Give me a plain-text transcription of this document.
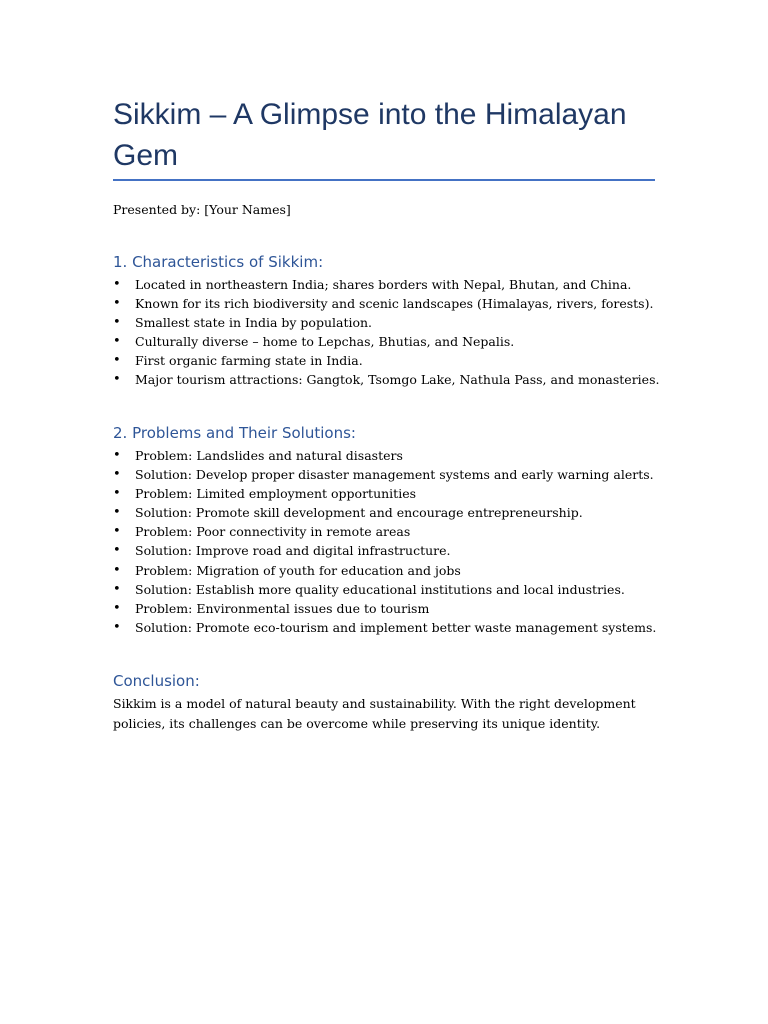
Sikkim – A Glimpse into the Himalayan Gem

Presented by: [Your Names]

1. Characteristics of Sikkim:
• Located in northeastern India; shares borders with Nepal, Bhutan, and China.
• Known for its rich biodiversity and scenic landscapes (Himalayas, rivers, forests).
• Smallest state in India by population.
• Culturally diverse – home to Lepchas, Bhutias, and Nepalis.
• First organic farming state in India.
• Major tourism attractions: Gangtok, Tsomgo Lake, Nathula Pass, and monasteries.
2. Problems and Their Solutions:
• Problem: Landslides and natural disasters
• Solution: Develop proper disaster management systems and early warning alerts.
• Problem: Limited employment opportunities
• Solution: Promote skill development and encourage entrepreneurship.
• Problem: Poor connectivity in remote areas
• Solution: Improve road and digital infrastructure.
• Problem: Migration of youth for education and jobs
• Solution: Establish more quality educational institutions and local industries.
• Problem: Environmental issues due to tourism
• Solution: Promote eco-tourism and implement better waste management systems.
Conclusion:

Sikkim is a model of natural beauty and sustainability. With the right development policies, its challenges can be overcome while preserving its unique identity.
